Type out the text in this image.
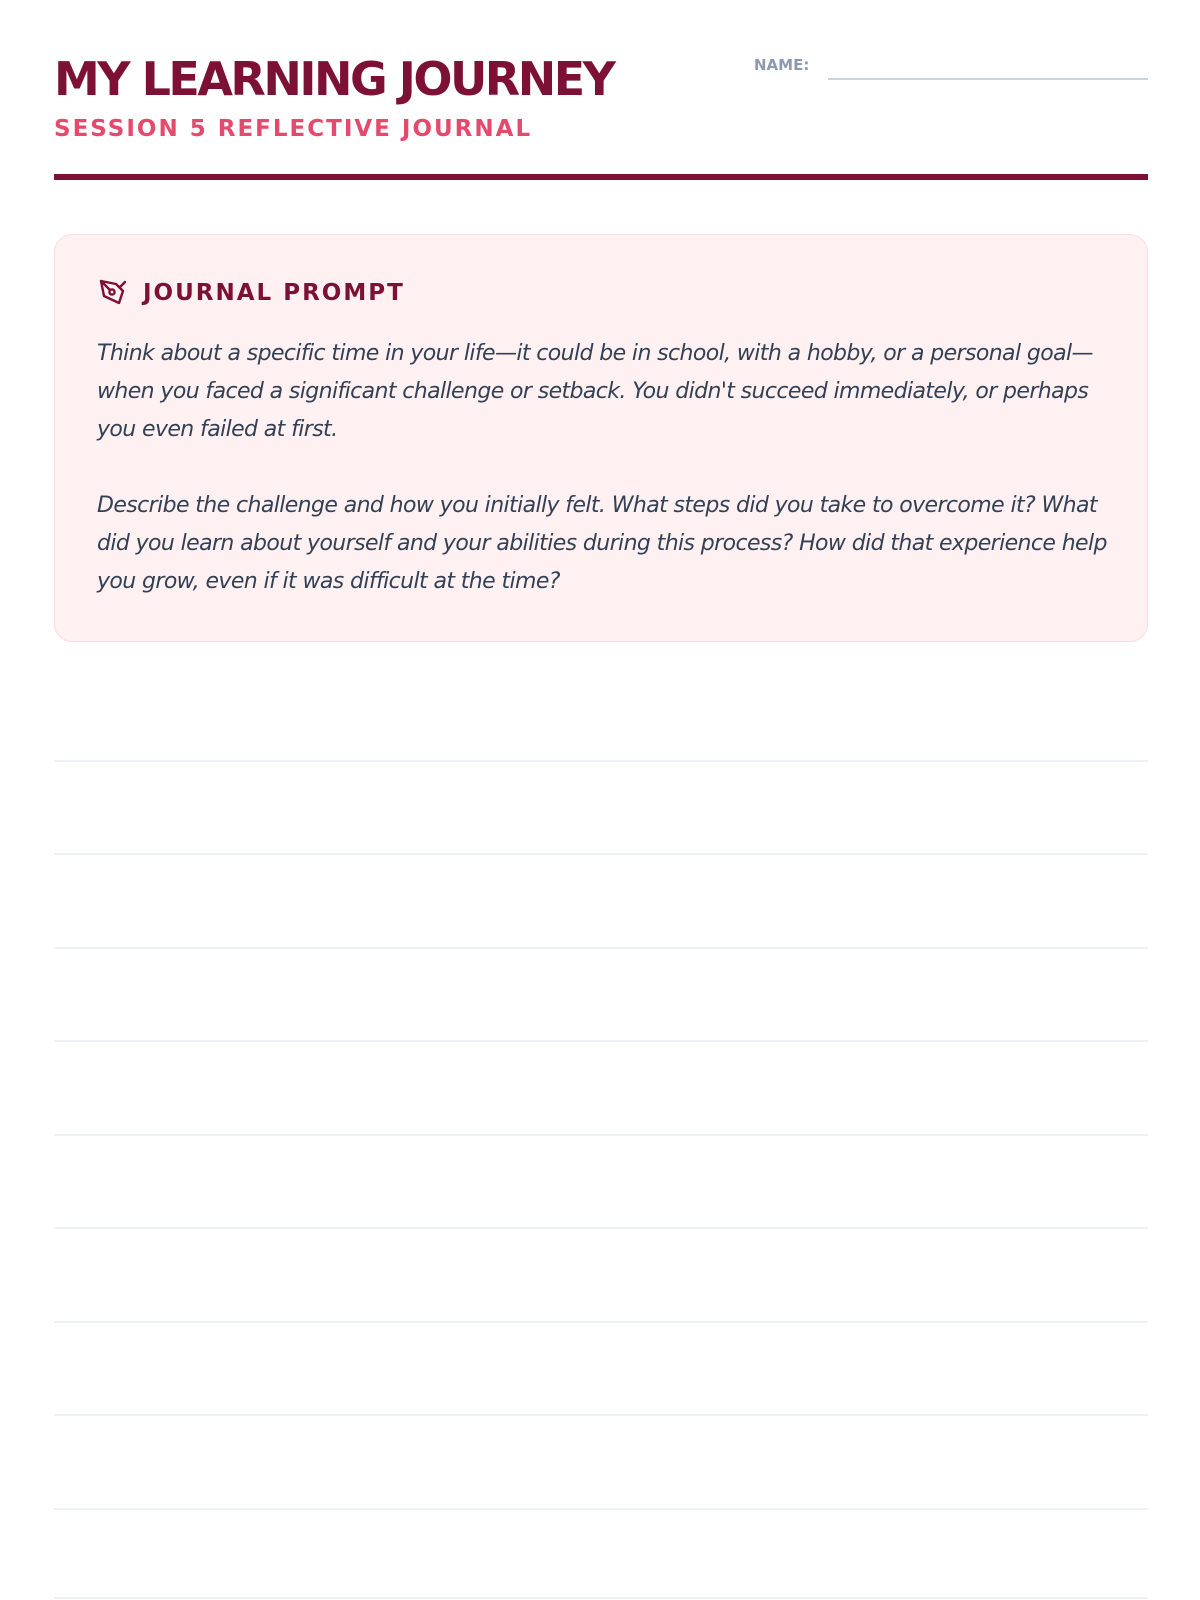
MY LEARNING JOURNEY
SESSION 5 REFLECTIVE JOURNAL
NAME:
JOURNAL PROMPT

Think about a specific time in your life—it could be in school, with a hobby, or a personal goal—when you faced a significant challenge or setback. You didn't succeed immediately, or perhaps you even failed at first.

Describe the challenge and how you initially felt. What steps did you take to overcome it? What did you learn about yourself and your abilities during this process? How did that experience help you grow, even if it was difficult at the time?
